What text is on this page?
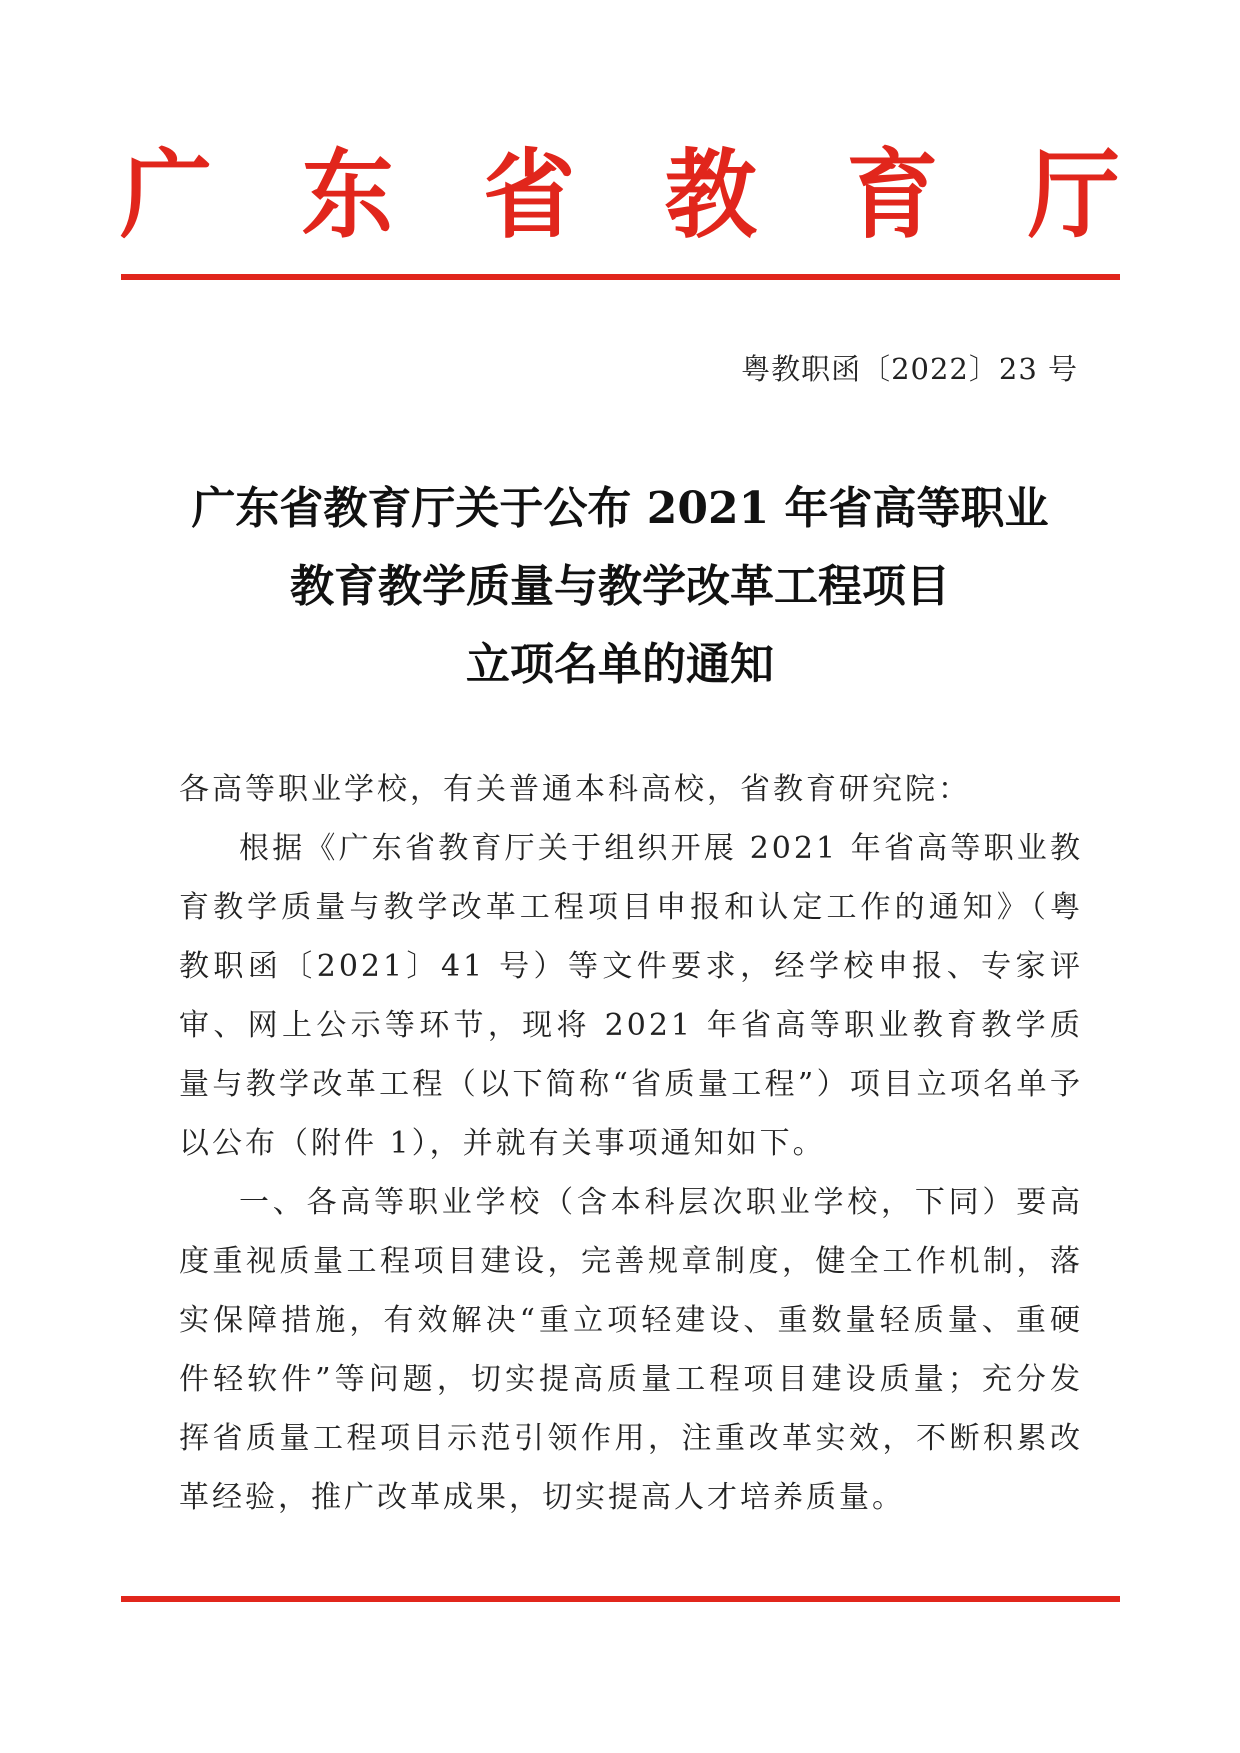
广 东 省 教 育 厅
粤教职函〔2022〕23 号
广东省教育厅关于公布 2021 年省高等职业
教育教学质量与教学改革工程项目
立项名单的通知

各高等职业学校，有关普通本科高校，省教育研究院：

根据《广东省教育厅关于组织开展 2021 年省高等职业教育教学质量与教学改革工程项目申报和认定工作的通知》（粤教职函〔2021〕41 号）等文件要求，经学校申报、专家评审、网上公示等环节，现将 2021 年省高等职业教育教学质量与教学改革工程（以下简称“省质量工程”）项目立项名单予以公布（附件 1），并就有关事项通知如下。

一、各高等职业学校（含本科层次职业学校，下同）要高度重视质量工程项目建设，完善规章制度，健全工作机制，落实保障措施，有效解决“重立项轻建设、重数量轻质量、重硬件轻软件”等问题，切实提高质量工程项目建设质量；充分发挥省质量工程项目示范引领作用，注重改革实效，不断积累改革经验，推广改革成果，切实提高人才培养质量。
